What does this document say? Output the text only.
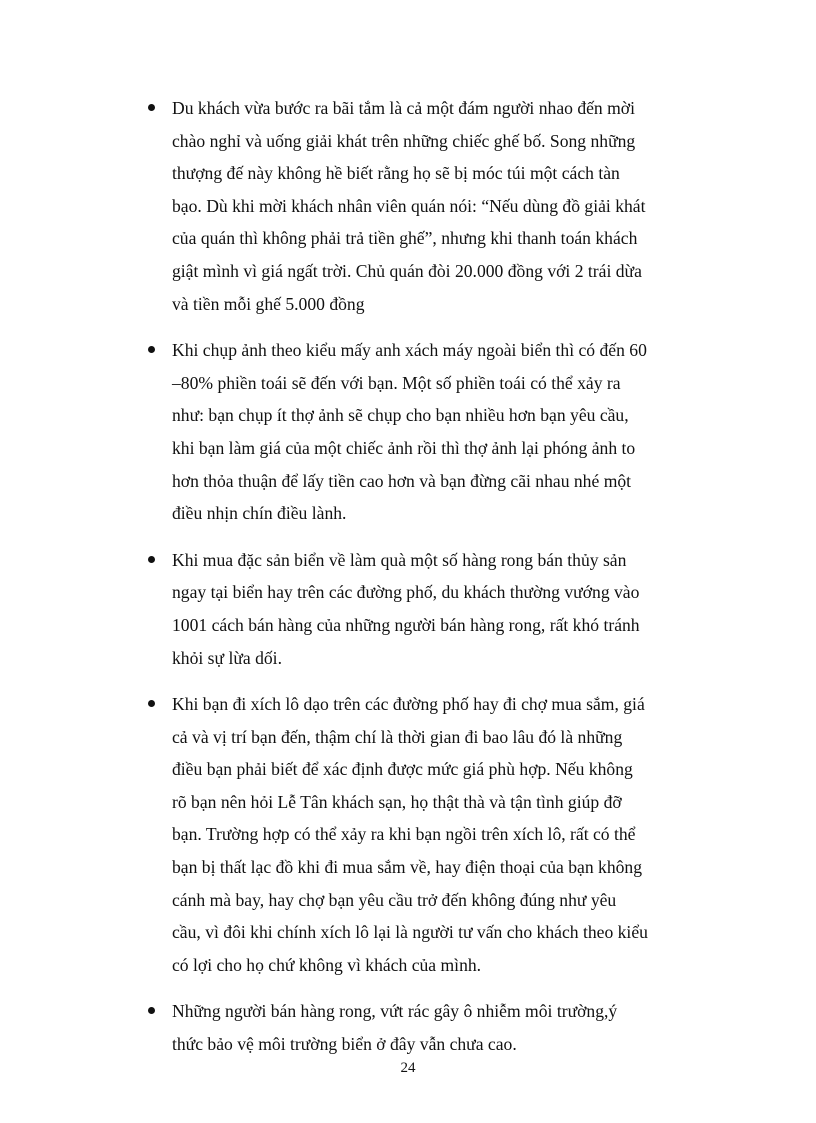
Du khách vừa bước ra bãi tắm là cả một đám người nhao đến mời
chào nghỉ và uống giải khát trên những chiếc ghế bố. Song những
thượng đế này không hề biết rằng họ sẽ bị móc túi một cách tàn
bạo. Dù khi mời khách nhân viên quán nói: “Nếu dùng đồ giải khát
của quán thì không phải trả tiền ghế”, nhưng khi thanh toán khách
giật mình vì giá ngất trời. Chủ quán đòi 20.000 đồng với 2 trái dừa
và tiền mỗi ghế 5.000 đồng
Khi chụp ảnh theo kiểu mấy anh xách máy ngoài biển thì có đến 60
–80% phiền toái sẽ đến với bạn. Một số phiền toái có thể xảy ra
như: bạn chụp ít thợ ảnh sẽ chụp cho bạn nhiều hơn bạn yêu cầu,
khi bạn làm giá của một chiếc ảnh rồi thì thợ ảnh lại phóng ảnh to
hơn thỏa thuận để lấy tiền cao hơn và bạn đừng cãi nhau nhé một
điều nhịn chín điều lành.
Khi mua đặc sản biển về làm quà một số hàng rong bán thủy sản
ngay tại biển hay trên các đường phố, du khách thường vướng vào
1001 cách bán hàng của những người bán hàng rong, rất khó tránh
khỏi sự lừa dối.
Khi bạn đi xích lô dạo trên các đường phố hay đi chợ mua sắm, giá
cả và vị trí bạn đến, thậm chí là thời gian đi bao lâu đó là những
điều bạn phải biết để xác định được mức giá phù hợp. Nếu không
rõ bạn nên hỏi Lễ Tân khách sạn, họ thật thà và tận tình giúp đỡ
bạn. Trường hợp có thể xảy ra khi bạn ngồi trên xích lô, rất có thể
bạn bị thất lạc đồ khi đi mua sắm về, hay điện thoại của bạn không
cánh mà bay, hay chợ bạn yêu cầu trở đến không đúng như yêu
cầu, vì đôi khi chính xích lô lại là người tư vấn cho khách theo kiểu
có lợi cho họ chứ không vì khách của mình.
Những người bán hàng rong, vứt rác gây ô nhiễm môi trường,ý
thức bảo vệ môi trường biển ở đây vẫn chưa cao.
24
